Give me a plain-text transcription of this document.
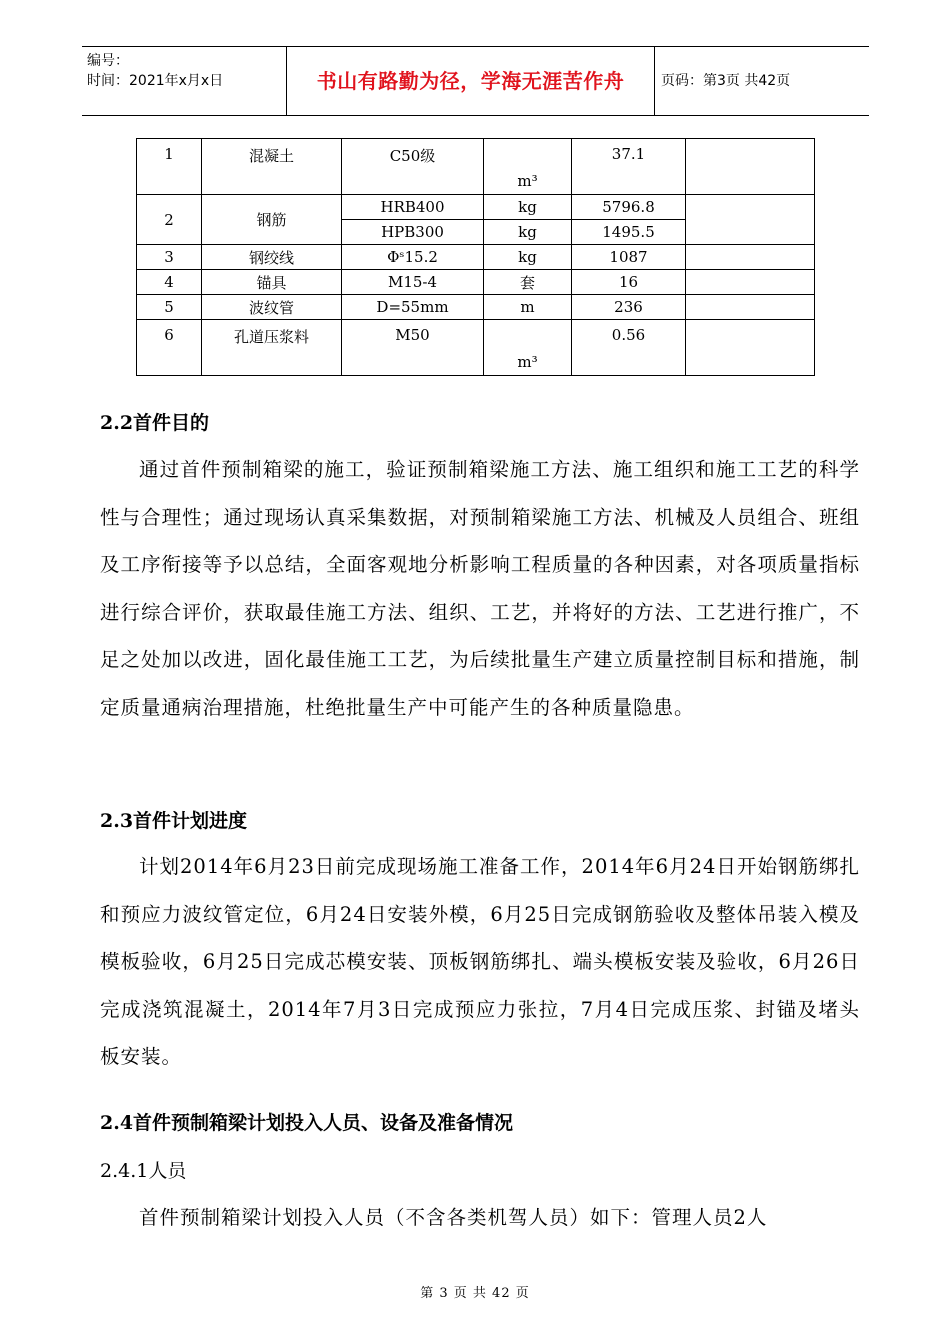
编号：
时间：2021年x月x日	书山有路勤为径，学海无涯苦作舟	页码：第3页 共42页
1	混凝土	C50级	m³	37.1	
2	钢筋	HRB400	kg	5796.8	
		HPB300	kg	1495.5	
3	钢绞线	Φˢ15.2	kg	1087	
4	锚具	M15-4	套	16	
5	波纹管	D=55mm	m	236	
6	孔道压浆料	M50	m³	0.56	
2.2首件目的
通过首件预制箱梁的施工，验证预制箱梁施工方法、施工组织和施工工艺的科学性与合理性；通过现场认真采集数据，对预制箱梁施工方法、机械及人员组合、班组及工序衔接等予以总结，全面客观地分析影响工程质量的各种因素，对各项质量指标进行综合评价，获取最佳施工方法、组织、工艺，并将好的方法、工艺进行推广，不足之处加以改进，固化最佳施工工艺，为后续批量生产建立质量控制目标和措施，制定质量通病治理措施，杜绝批量生产中可能产生的各种质量隐患。
2.3首件计划进度
计划2014年6月23日前完成现场施工准备工作，2014年6月24日开始钢筋绑扎和预应力波纹管定位，6月24日安装外模，6月25日完成钢筋验收及整体吊装入模及模板验收，6月25日完成芯模安装、顶板钢筋绑扎、端头模板安装及验收，6月26日完成浇筑混凝土，2014年7月3日完成预应力张拉，7月4日完成压浆、封锚及堵头板安装。
2.4首件预制箱梁计划投入人员、设备及准备情况
2.4.1人员
首件预制箱梁计划投入人员（不含各类机驾人员）如下：管理人员2人
第 3 页 共 42 页
